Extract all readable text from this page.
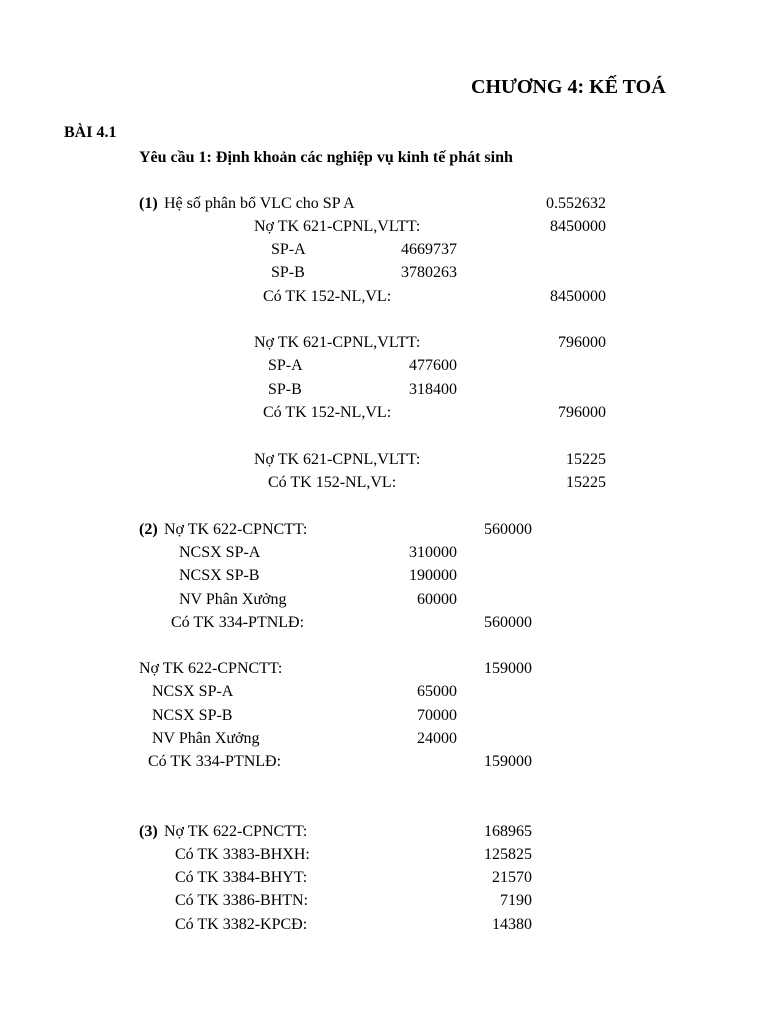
CHƯƠNG 4: KẾ TOÁ
BÀI 4.1
Yêu cầu 1: Định khoản các nghiệp vụ kinh tế phát sinh
(1) Hệ số phân bổ VLC cho SP A	0.552632
Nợ TK 621-CPNL,VLTT:	8450000
SP-A	4669737
SP-B	3780263
Có TK 152-NL,VL:	8450000
Nợ TK 621-CPNL,VLTT:	796000
SP-A	477600
SP-B	318400
Có TK 152-NL,VL:	796000
Nợ TK 621-CPNL,VLTT:	15225
Có TK 152-NL,VL:	15225
(2) Nợ TK 622-CPNCTT:	560000
NCSX SP-A	310000
NCSX SP-B	190000
NV Phân Xưởng	60000
Có TK 334-PTNLĐ:	560000
Nợ TK 622-CPNCTT:	159000
NCSX SP-A	65000
NCSX SP-B	70000
NV Phân Xưởng	24000
Có TK 334-PTNLĐ:	159000
(3) Nợ TK 622-CPNCTT:	168965
Có TK 3383-BHXH:	125825
Có TK 3384-BHYT:	21570
Có TK 3386-BHTN:	7190
Có TK 3382-KPCĐ:	14380
